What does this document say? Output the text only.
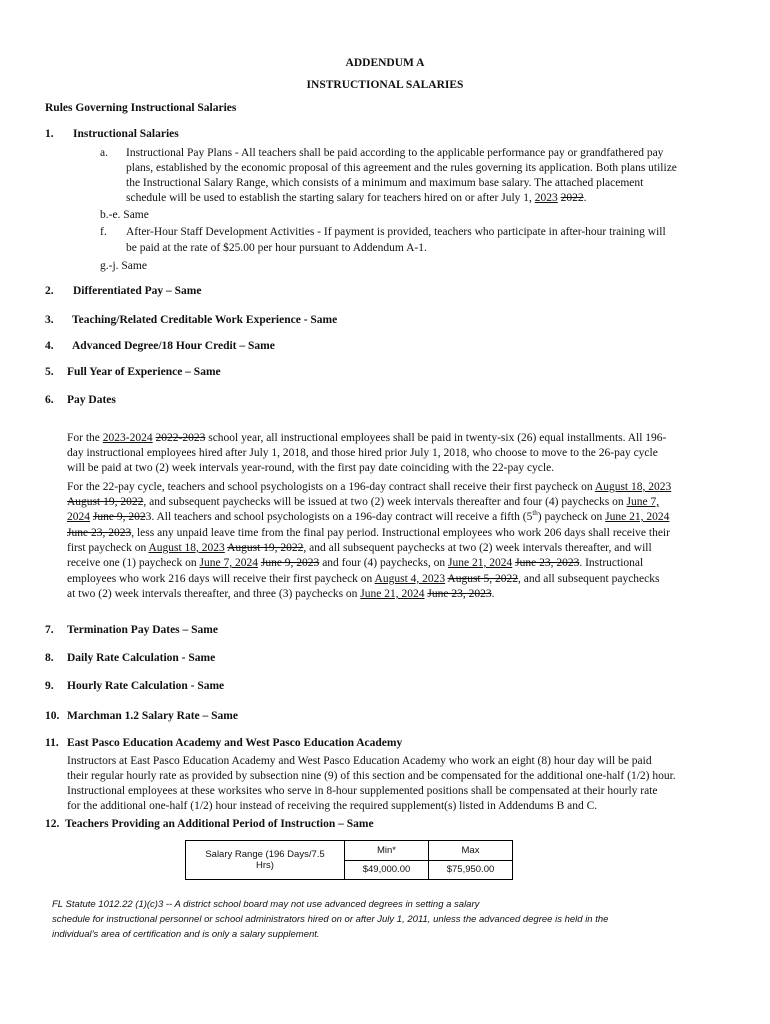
ADDENDUM A
INSTRUCTIONAL SALARIES
Rules Governing Instructional Salaries
1. Instructional Salaries
a. Instructional Pay Plans - All teachers shall be paid according to the applicable performance pay or grandfathered pay
plans, established by the economic proposal of this agreement and the rules governing its application. Both plans utilize
the Instructional Salary Range, which consists of a minimum and maximum base salary. The attached placement
schedule will be used to establish the starting salary for teachers hired on or after July 1, 2023 2022.
b.-e. Same
f. After-Hour Staff Development Activities - If payment is provided, teachers who participate in after-hour training will
be paid at the rate of $25.00 per hour pursuant to Addendum A-1.
g.-j. Same
2. Differentiated Pay – Same
3. Teaching/Related Creditable Work Experience - Same
4. Advanced Degree/18 Hour Credit – Same
5. Full Year of Experience – Same
6. Pay Dates
For the 2023-2024 2022-2023 school year, all instructional employees shall be paid in twenty-six (26) equal installments. All 196-
day instructional employees hired after July 1, 2018, and those hired prior July 1, 2018, who choose to move to the 26-pay cycle
will be paid at two (2) week intervals year-round, with the first pay date coinciding with the 22-pay cycle.
For the 22-pay cycle, teachers and school psychologists on a 196-day contract shall receive their first paycheck on August 18, 2023
August 19, 2022, and subsequent paychecks will be issued at two (2) week intervals thereafter and four (4) paychecks on June 7,
2024 June 9, 2023. All teachers and school psychologists on a 196-day contract will receive a fifth (5th) paycheck on June 21, 2024
June 23, 2023, less any unpaid leave time from the final pay period. Instructional employees who work 206 days shall receive their
first paycheck on August 18, 2023 August 19, 2022, and all subsequent paychecks at two (2) week intervals thereafter, and will
receive one (1) paycheck on June 7, 2024 June 9, 2023 and four (4) paychecks, on June 21, 2024 June 23, 2023. Instructional
employees who work 216 days will receive their first paycheck on August 4, 2023 August 5, 2022, and all subsequent paychecks
at two (2) week intervals thereafter, and three (3) paychecks on June 21, 2024 June 23, 2023.
7. Termination Pay Dates – Same
8. Daily Rate Calculation - Same
9. Hourly Rate Calculation - Same
10. Marchman 1.2 Salary Rate – Same
11. East Pasco Education Academy and West Pasco Education Academy
Instructors at East Pasco Education Academy and West Pasco Education Academy who work an eight (8) hour day will be paid
their regular hourly rate as provided by subsection nine (9) of this section and be compensated for the additional one-half (1/2) hour.
Instructional employees at these worksites who serve in 8-hour supplemented positions shall be compensated at their hourly rate
for the additional one-half (1/2) hour instead of receiving the required supplement(s) listed in Addendums B and C.
12. Teachers Providing an Additional Period of Instruction – Same
Salary Range (196 Days/7.5
Hrs)	Min*	Max
	$49,000.00	$75,950.00
FL Statute 1012.22 (1)(c)3 -- A district school board may not use advanced degrees in setting a salary
schedule for instructional personnel or school administrators hired on or after July 1, 2011, unless the advanced degree is held in the
individual’s area of certification and is only a salary supplement.
